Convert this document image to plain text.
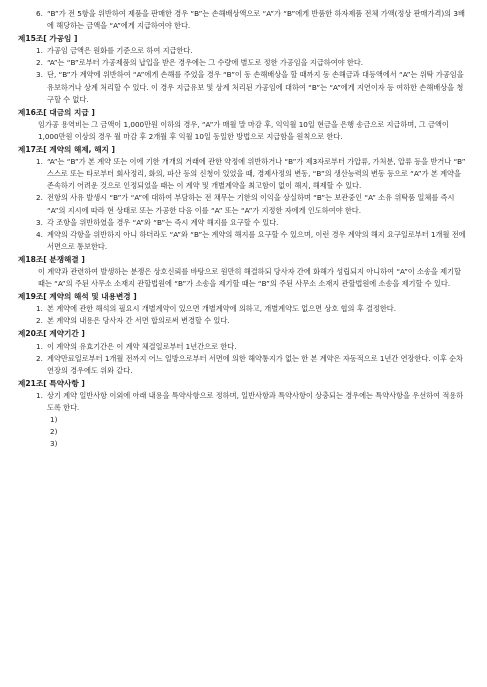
6. “B”가 전 5항을 위반하여 제품을 판매한 경우 “B”는 손해배상액으로 “A”가 “B”에게 반품한 하자제품 전체 가액(정상 판매가격)의 3배에 해당하는 금액을 “A”에게 지급하여야 한다.
제15조[ 가공임 ]
1. 가공임 금액은 원화를 기준으로 하여 지급한다.
2. “A”는 “B”로부터 가공제품의 납입을 받은 경우에는 그 수량에 별도로 정한 가공임을 지급하여야 한다.
3. 단, “B”가 계약에 위반하여 “A”에게 손해를 주었을 경우 “B”이 동 손해배상을 할 때까지 동 손해금과 대등액에서 “A”는 위탁 가공임을 유보하거나 상계 처리할 수 있다. 이 경우 지급유보 및 상계 처리된 가공임에 대하여 “B”는 “A”에게 지연이자 등 여하한 손해배상을 청구할 수 없다.
제16조[ 대금의 지급 ]
임가공 용역비는 그 금액이 1,000만원 이하의 경우, “A”가 매월 말 마감 후, 익익월 10일 현금을 은행 송금으로 지급하며, 그 금액이 1,000만원 이상의 경우 월 마감 후 2개월 후 익월 10일 동일한 방법으로 지급함을 원칙으로 한다.
제17조[ 계약의 해제, 해지 ]
1. “A”는 “B”가 본 계약 또는 이에 기한 개개의 거래에 관한 약정에 위반하거나 “B”가 제3자로부터 가압류, 가처분, 압류 등을 받거나 “B” 스스로 또는 타로부터 회사정리, 화의, 파산 등의 신청이 있었을 때, 경제사정의 변동, “B”의 생산능력의 변동 등으로 “A”가 본 계약을 존속하기 어려운 것으로 인정되었을 때는 이 계약 및 개별계약을 최고함이 없이 해지, 해제할 수 있다.
2. 전항의 사유 발생시 “B”가 “A”에 대하여 부담하는 전 채무는 기한의 이익을 상실하며 “B”는 보관중인 “A” 소유 위탁품 일체를 즉시 “A”의 지시에 따라 현 상태로 또는 가공한 다음 이를 “A” 또는 “A”가 지정한 자에게 인도하여야 한다.
3. 각 조항을 위반하였을 경우 “A”와 “B”는 즉시 계약 해지를 요구할 수 있다.
4. 계약의 각항을 위반하지 아니 하더라도 “A”와 “B”는 계약의 해지를 요구할 수 있으며, 이런 경우 계약의 해지 요구일로부터 1개월 전에 서면으로 통보한다.
제18조[ 분쟁해결 ]
이 계약과 관련하여 발생하는 분쟁은 상호신뢰를 바탕으로 원만히 해결하되 당사자 간에 화해가 성립되지 아니하여 “A”이 소송을 제기할 때는 “A”의 주된 사무소 소재지 관할법원에 “B”가 소송을 제기할 때는 “B”의 주된 사무소 소재지 관할법원에 소송을 제기할 수 있다.
제19조[ 계약의 해석 및 내용변경 ]
1. 본 계약에 관한 해석의 필요시 개별계약이 있으면 개별계약에 의하고, 개별계약도 없으면 상호 협의 후 결정한다.
2. 본 계약의 내용은 당사자 간 서면 합의로써 변경할 수 있다.
제20조[ 계약기간 ]
1. 이 계약의 유효기간은 이 계약 체결일로부터 1년간으로 한다.
2. 계약만료일로부터 1개월 전까지 어느 일방으로부터 서면에 의한 해약통지가 없는 한 본 계약은 자동적으로 1년간 연장한다. 이후 순차연장의 경우에도 위와 같다.
제21조[ 특약사항 ]
1. 상기 계약 일반사항 이외에 아래 내용을 특약사항으로 정하며, 일반사항과 특약사항이 상충되는 경우에는 특약사항을 우선하여 적용하도록 한다.
1)
2)
3)
